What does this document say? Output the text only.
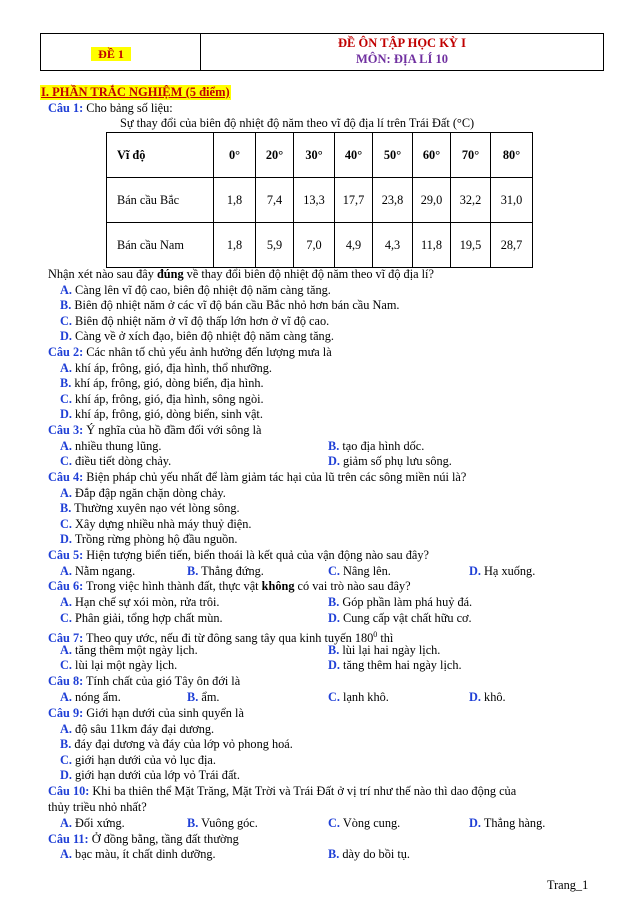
ĐỀ 1
ĐỀ ÔN TẬP HỌC KỲ I
MÔN: ĐỊA LÍ 10
I. PHẦN TRẮC NGHIỆM (5 điểm)
Câu 1: Cho bảng số liệu:
Sự thay đổi của biên độ nhiệt độ năm theo vĩ độ địa lí trên Trái Đất (°C)
Vĩ độ	0°	20°	30°	40°	50°	60°	70°	80°
Bán cầu Bắc	1,8	7,4	13,3	17,7	23,8	29,0	32,2	31,0
Bán cầu Nam	1,8	5,9	7,0	4,9	4,3	11,8	19,5	28,7
Nhận xét nào sau đây đúng về thay đổi biên độ nhiệt độ năm theo vĩ độ địa lí?
A. Càng lên vĩ độ cao, biên độ nhiệt độ năm càng tăng.
B. Biên độ nhiệt năm ở các vĩ độ bán cầu Bắc nhỏ hơn bán cầu Nam.
C. Biên độ nhiệt năm ở vĩ độ thấp lớn hơn ở vĩ độ cao.
D. Càng về ở xích đạo, biên độ nhiệt độ năm càng tăng.
Câu 2: Các nhân tố chủ yếu ảnh hưởng đến lượng mưa là
A. khí áp, frông, gió, địa hình, thổ nhưỡng.
B. khí áp, frông, gió, dòng biển, địa hình.
C. khí áp, frông, gió, địa hình, sông ngòi.
D. khí áp, frông, gió, dòng biển, sinh vật.
Câu 3: Ý nghĩa của hồ đầm đối với sông là
A. nhiều thung lũng.	B. tạo địa hình dốc.
C. điều tiết dòng chảy.	D. giảm số phụ lưu sông.
Câu 4: Biện pháp chủ yếu nhất để làm giảm tác hại của lũ trên các sông miền núi là?
A. Đắp đập ngăn chặn dòng chảy.
B. Thường xuyên nạo vét lòng sông.
C. Xây dựng nhiều nhà máy thuỷ điện.
D. Trồng rừng phòng hộ đầu nguồn.
Câu 5: Hiện tượng biển tiến, biển thoái là kết quả của vận động nào sau đây?
A. Nằm ngang.	B. Thẳng đứng.	C. Nâng lên.	D. Hạ xuống.
Câu 6: Trong việc hình thành đất, thực vật không có vai trò nào sau đây?
A. Hạn chế sự xói mòn, rửa trôi.	B. Góp phần làm phá huỷ đá.
C. Phân giải, tổng hợp chất mùn.	D. Cung cấp vật chất hữu cơ.
Câu 7: Theo quy ước, nếu đi từ đông sang tây qua kinh tuyến $180^0$ thì
A. tăng thêm một ngày lịch.	B. lùi lại hai ngày lịch.
C. lùi lại một ngày lịch.	D. tăng thêm hai ngày lịch.
Câu 8: Tính chất của gió Tây ôn đới là
A. nóng ẩm.	B. ẩm.	C. lạnh khô.	D. khô.
Câu 9: Giới hạn dưới của sinh quyển là
A. độ sâu 11km đáy đại dương.
B. đáy đại dương và đáy của lớp vỏ phong hoá.
C. giới hạn dưới của vỏ lục địa.
D. giới hạn dưới của lớp vỏ Trái đất.
Câu 10: Khi ba thiên thể Mặt Trăng, Mặt Trời và Trái Đất ở vị trí như thế nào thì dao động của
thủy triều nhỏ nhất?
A. Đối xứng.	B. Vuông góc.	C. Vòng cung.	D. Thẳng hàng.
Câu 11: Ở đồng bằng, tầng đất thường
A. bạc màu, ít chất dinh dưỡng.	B. dày do bồi tụ.
Trang_1
